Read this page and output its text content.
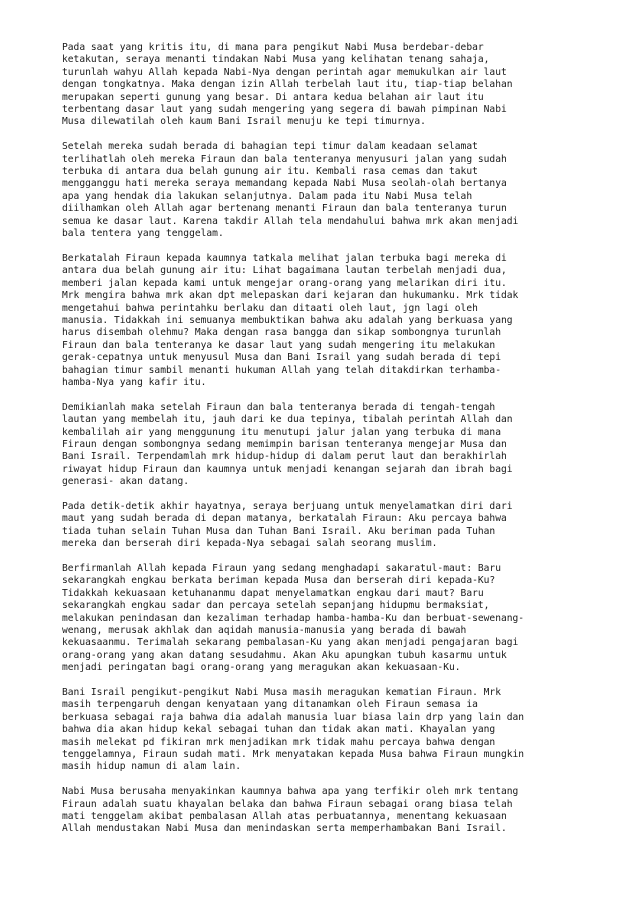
Pada saat yang kritis itu, di mana para pengikut Nabi Musa berdebar-debar
ketakutan, seraya menanti tindakan Nabi Musa yang kelihatan tenang sahaja,
turunlah wahyu Allah kepada Nabi-Nya dengan perintah agar memukulkan air laut
dengan tongkatnya. Maka dengan izin Allah terbelah laut itu, tiap-tiap belahan
merupakan seperti gunung yang besar. Di antara kedua belahan air laut itu
terbentang dasar laut yang sudah mengering yang segera di bawah pimpinan Nabi
Musa dilewatilah oleh kaum Bani Israil menuju ke tepi timurnya.

Setelah mereka sudah berada di bahagian tepi timur dalam keadaan selamat
terlihatlah oleh mereka Firaun dan bala tenteranya menyusuri jalan yang sudah
terbuka di antara dua belah gunung air itu. Kembali rasa cemas dan takut
mengganggu hati mereka seraya memandang kepada Nabi Musa seolah-olah bertanya
apa yang hendak dia lakukan selanjutnya. Dalam pada itu Nabi Musa telah
diilhamkan oleh Allah agar bertenang menanti Firaun dan bala tenteranya turun
semua ke dasar laut. Karena takdir Allah tela mendahului bahwa mrk akan menjadi
bala tentera yang tenggelam.

Berkatalah Firaun kepada kaumnya tatkala melihat jalan terbuka bagi mereka di
antara dua belah gunung air itu: Lihat bagaimana lautan terbelah menjadi dua,
memberi jalan kepada kami untuk mengejar orang-orang yang melarikan diri itu.
Mrk mengira bahwa mrk akan dpt melepaskan dari kejaran dan hukumanku. Mrk tidak
mengetahui bahwa perintahku berlaku dan ditaati oleh laut, jgn lagi oleh
manusia. Tidakkah ini semuanya membuktikan bahwa aku adalah yang berkuasa yang
harus disembah olehmu? Maka dengan rasa bangga dan sikap sombongnya turunlah
Firaun dan bala tenteranya ke dasar laut yang sudah mengering itu melakukan
gerak-cepatnya untuk menyusul Musa dan Bani Israil yang sudah berada di tepi
bahagian timur sambil menanti hukuman Allah yang telah ditakdirkan terhamba-
hamba-Nya yang kafir itu.

Demikianlah maka setelah Firaun dan bala tenteranya berada di tengah-tengah
lautan yang membelah itu, jauh dari ke dua tepinya, tibalah perintah Allah dan
kembalilah air yang menggunung itu menutupi jalur jalan yang terbuka di mana
Firaun dengan sombongnya sedang memimpin barisan tenteranya mengejar Musa dan
Bani Israil. Terpendamlah mrk hidup-hidup di dalam perut laut dan berakhirlah
riwayat hidup Firaun dan kaumnya untuk menjadi kenangan sejarah dan ibrah bagi
generasi- akan datang.

Pada detik-detik akhir hayatnya, seraya berjuang untuk menyelamatkan diri dari
maut yang sudah berada di depan matanya, berkatalah Firaun: Aku percaya bahwa
tiada tuhan selain Tuhan Musa dan Tuhan Bani Israil. Aku beriman pada Tuhan
mereka dan berserah diri kepada-Nya sebagai salah seorang muslim.

Berfirmanlah Allah kepada Firaun yang sedang menghadapi sakaratul-maut: Baru
sekarangkah engkau berkata beriman kepada Musa dan berserah diri kepada-Ku?
Tidakkah kekuasaan ketuhananmu dapat menyelamatkan engkau dari maut? Baru
sekarangkah engkau sadar dan percaya setelah sepanjang hidupmu bermaksiat,
melakukan penindasan dan kezaliman terhadap hamba-hamba-Ku dan berbuat-sewenang-
wenang, merusak akhlak dan aqidah manusia-manusia yang berada di bawah
kekuasaanmu. Terimalah sekarang pembalasan-Ku yang akan menjadi pengajaran bagi
orang-orang yang akan datang sesudahmu. Akan Aku apungkan tubuh kasarmu untuk
menjadi peringatan bagi orang-orang yang meragukan akan kekuasaan-Ku.

Bani Israil pengikut-pengikut Nabi Musa masih meragukan kematian Firaun. Mrk
masih terpengaruh dengan kenyataan yang ditanamkan oleh Firaun semasa ia
berkuasa sebagai raja bahwa dia adalah manusia luar biasa lain drp yang lain dan
bahwa dia akan hidup kekal sebagai tuhan dan tidak akan mati. Khayalan yang
masih melekat pd fikiran mrk menjadikan mrk tidak mahu percaya bahwa dengan
tenggelamnya, Firaun sudah mati. Mrk menyatakan kepada Musa bahwa Firaun mungkin
masih hidup namun di alam lain.

Nabi Musa berusaha menyakinkan kaumnya bahwa apa yang terfikir oleh mrk tentang
Firaun adalah suatu khayalan belaka dan bahwa Firaun sebagai orang biasa telah
mati tenggelam akibat pembalasan Allah atas perbuatannya, menentang kekuasaan
Allah mendustakan Nabi Musa dan menindaskan serta memperhambakan Bani Israil.
